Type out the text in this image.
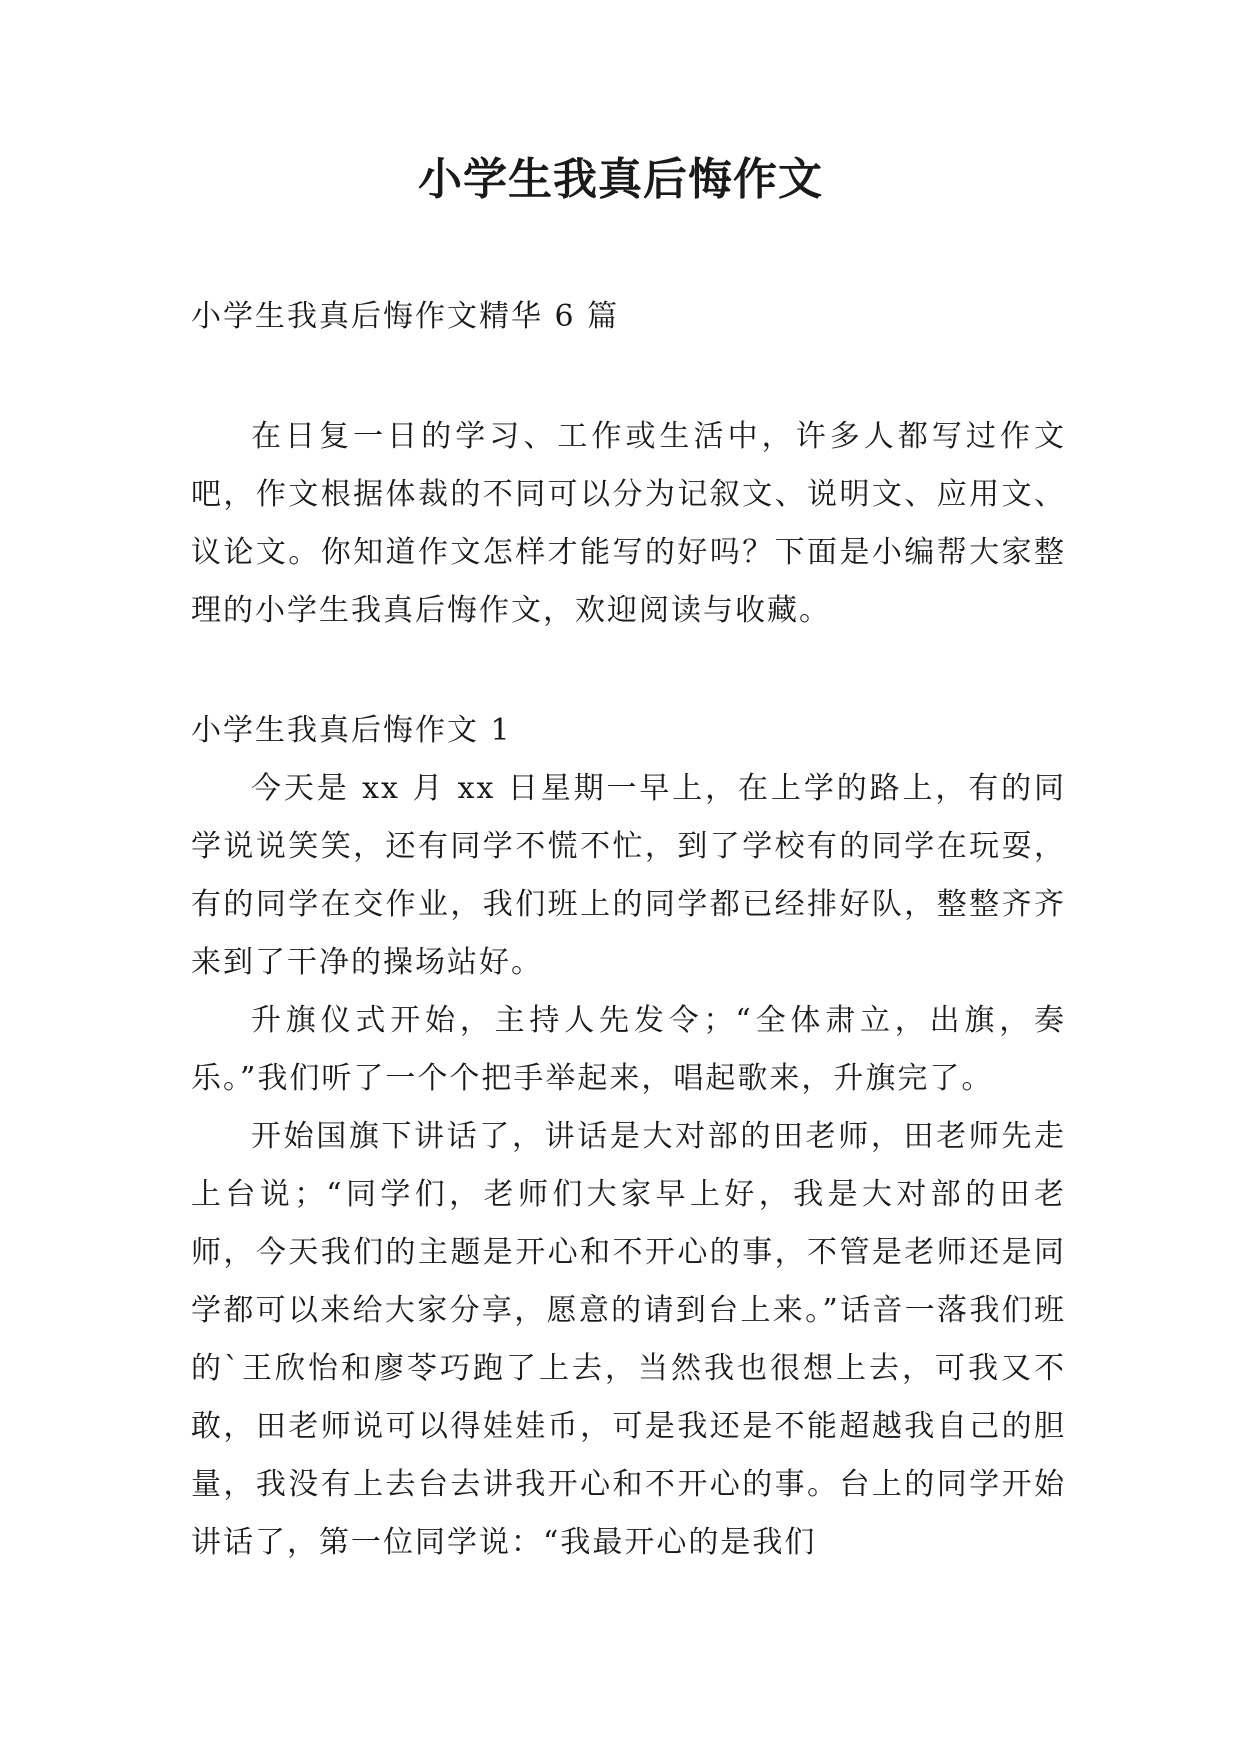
小学生我真后悔作文

小学生我真后悔作文精华 6 篇

在日复一日的学习、工作或生活中，许多人都写过作文吧，作文根据体裁的不同可以分为记叙文、说明文、应用文、议论文。你知道作文怎样才能写的好吗？下面是小编帮大家整理的小学生我真后悔作文，欢迎阅读与收藏。

小学生我真后悔作文 1

今天是 xx 月 xx 日星期一早上，在上学的路上，有的同学说说笑笑，还有同学不慌不忙，到了学校有的同学在玩耍，有的同学在交作业，我们班上的同学都已经排好队，整整齐齐来到了干净的操场站好。

升旗仪式开始，主持人先发令；“全体肃立，出旗，奏乐。”我们听了一个个把手举起来，唱起歌来，升旗完了。

开始国旗下讲话了，讲话是大对部的田老师，田老师先走上台说；“同学们，老师们大家早上好，我是大对部的田老师，今天我们的主题是开心和不开心的事，不管是老师还是同学都可以来给大家分享，愿意的请到台上来。”话音一落我们班的`王欣怡和廖苓巧跑了上去，当然我也很想上去，可我又不敢，田老师说可以得娃娃币，可是我还是不能超越我自己的胆量，我没有上去台去讲我开心和不开心的事。台上的同学开始讲话了，第一位同学说：“我最开心的是我们
